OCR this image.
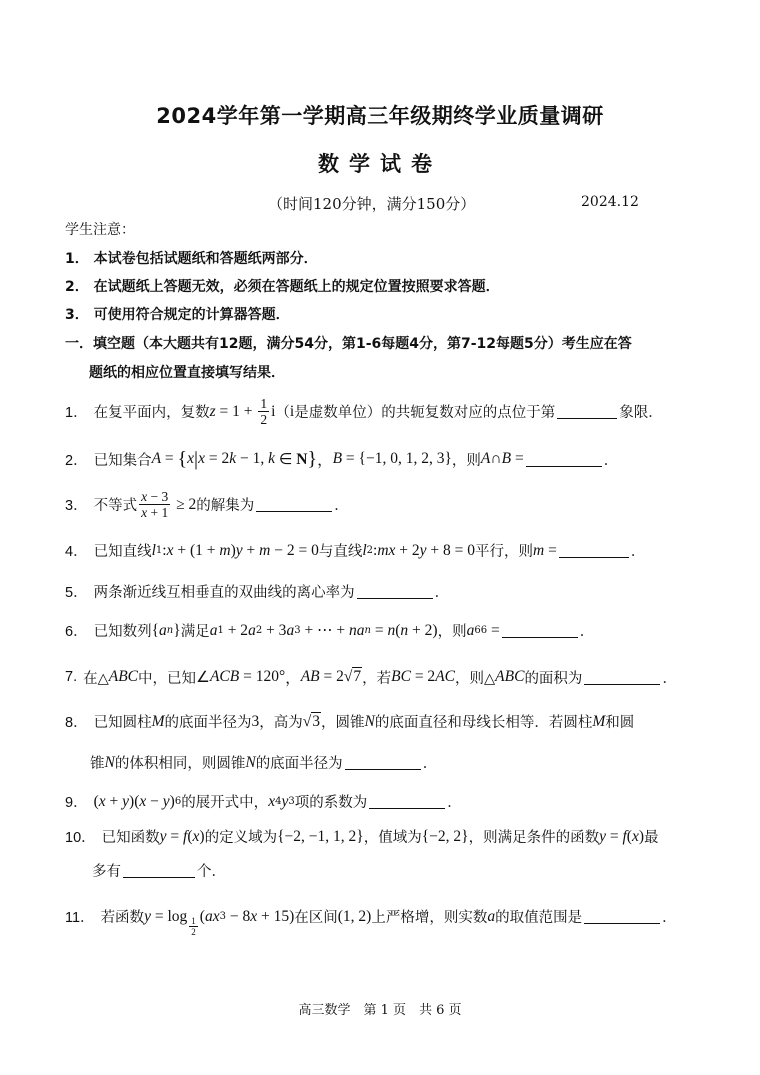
2024学年第一学期高三年级期终学业质量调研
数学试卷
（时间120分钟，满分150分）	2024.12
学生注意：
1． 本试卷包括试题纸和答题纸两部分．
2． 在试题纸上答题无效，必须在答题纸上的规定位置按照要求答题．
3． 可使用符合规定的计算器答题．
一．填空题（本大题共有12题，满分54分，第1-6每题4分，第7-12每题5分）考生应在答
题纸的相应位置直接填写结果．
1． 在复平面内，复数 $z = 1 + \frac{1}{2}$ i （ i 是虚数单位）的共轭复数对应的点位于第	象限．
2． 已知集合 A = { x | x = 2 k − 1, k ∈ N } ， B = {−1, 0, 1, 2, 3} ，则 A ∩ B =	．
3． 不等式 $\frac{x - 3}{x + 1} \ge 2$ 的解集为	．
4． 已知直线 l 1 : x + (1 + m ) y + m − 2 = 0 与直线 l 2 : mx + 2 y + 8 = 0 平行，则 m =	．
5． 两条渐近线互相垂直的双曲线的离心率为	．
6． 已知数列 { a n } 满足 a 1 + 2 a 2 + 3 a 3 + ⋯ + na n = n ( n + 2) ，则 a 66 =	．
7. 在△ ABC 中，已知 ∠ ACB = 120° ， AB = 2√7 ，若 BC = 2 AC ，则△ ABC 的面积为	．
8． 已知圆柱 M 的底面半径为 3 ，高为 √3 ，圆锥 N 的底面直径和母线长相等．若圆柱 M 和圆
锥 N 的体积相同，则圆锥 N 的底面半径为	．
9． ( x + y )( x − y ) 6 的展开式中， x 4 y 3 项的系数为	．
10． 已知函数 y = f ( x ) 的定义域为 {−2, −1, 1, 2} ，值域为 {−2, 2} ，则满足条件的函数 y = f ( x ) 最
多有	个．
11． 若函数 $y = \log \frac{1}{2}$ ( ax 3 − 8 x + 15) 在区间 (1, 2) 上严格增，则实数 a 的取值范围是	．
高三数学　第 1 页　共 6 页
